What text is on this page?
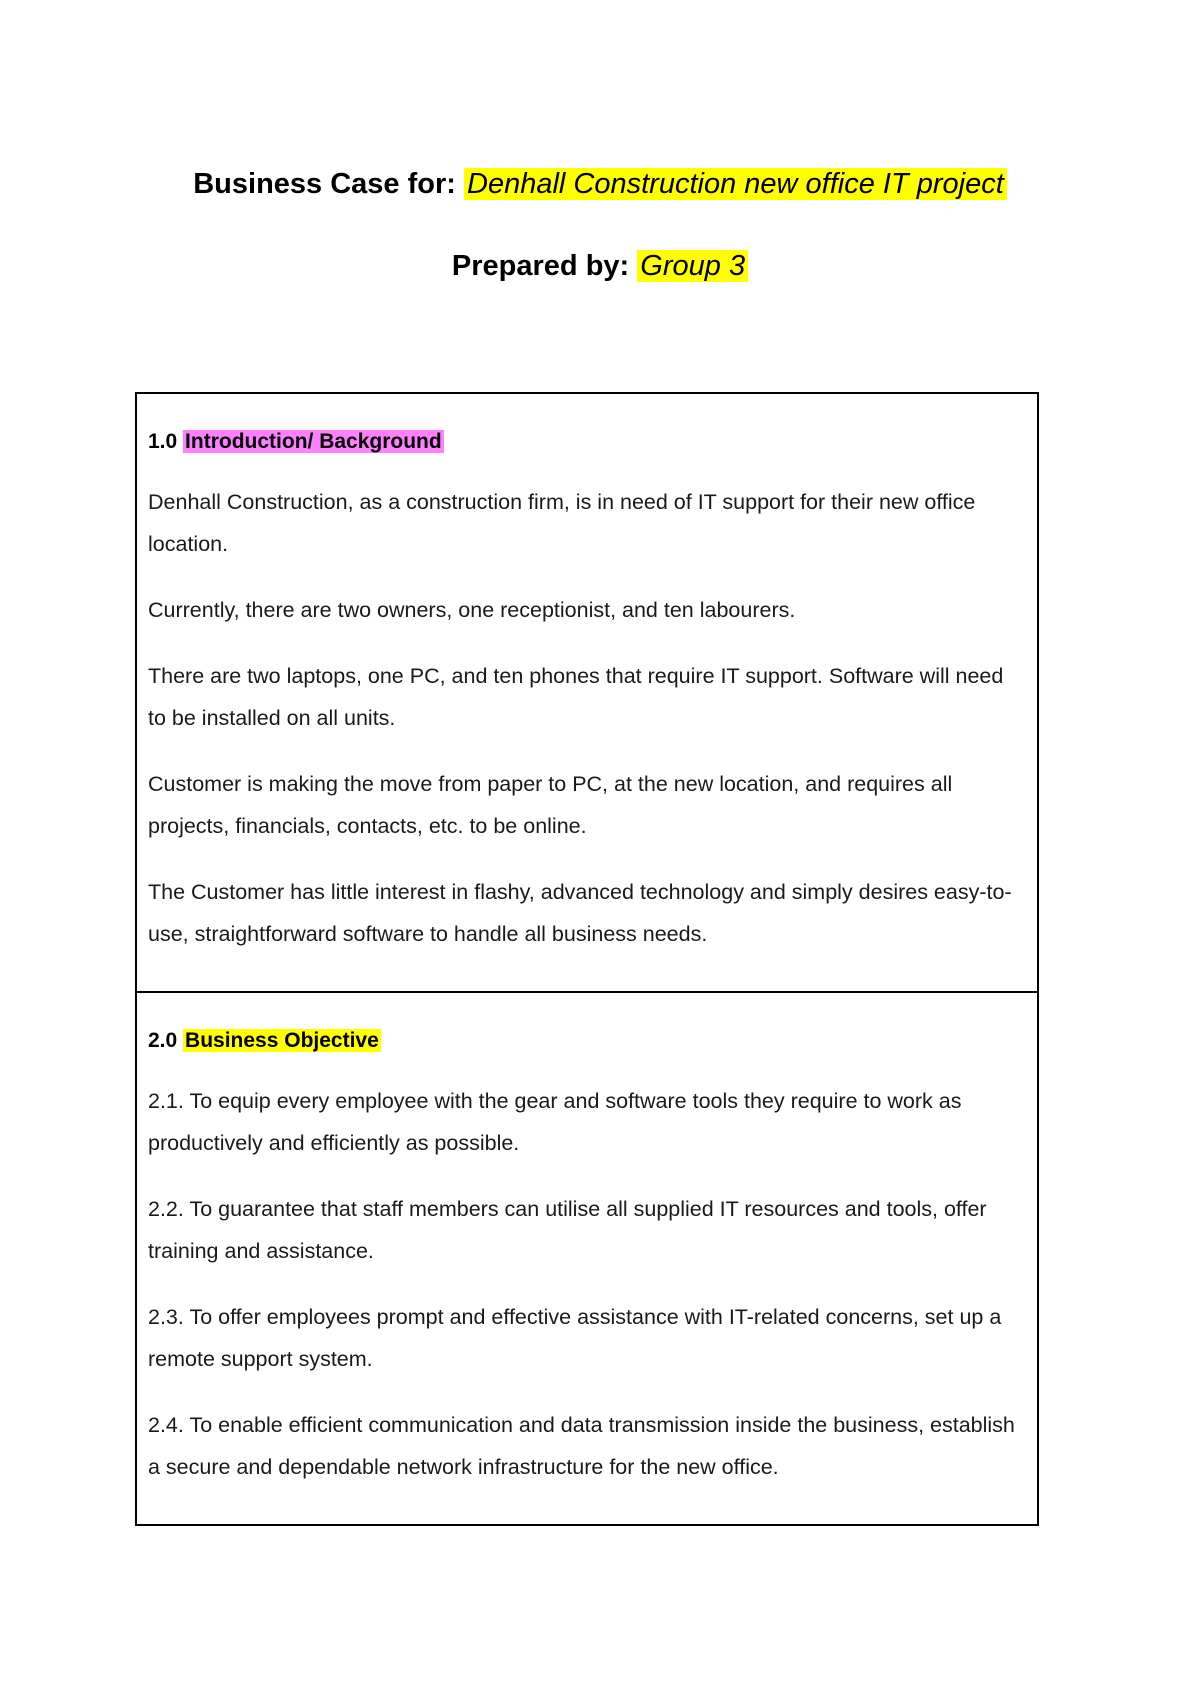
Business Case for: Denhall Construction new office IT project
Prepared by: Group 3
1.0 Introduction/ Background

Denhall Construction, as a construction firm, is in need of IT support for their new office location.

Currently, there are two owners, one receptionist, and ten labourers.

There are two laptops, one PC, and ten phones that require IT support. Software will need to be installed on all units.

Customer is making the move from paper to PC, at the new location, and requires all projects, financials, contacts, etc. to be online.

The Customer has little interest in flashy, advanced technology and simply desires easy-to-use, straightforward software to handle all business needs.

2.0 Business Objective

2.1. To equip every employee with the gear and software tools they require to work as productively and efficiently as possible.

2.2. To guarantee that staff members can utilise all supplied IT resources and tools, offer training and assistance.

2.3. To offer employees prompt and effective assistance with IT-related concerns, set up a remote support system.

2.4. To enable efficient communication and data transmission inside the business, establish a secure and dependable network infrastructure for the new office.
